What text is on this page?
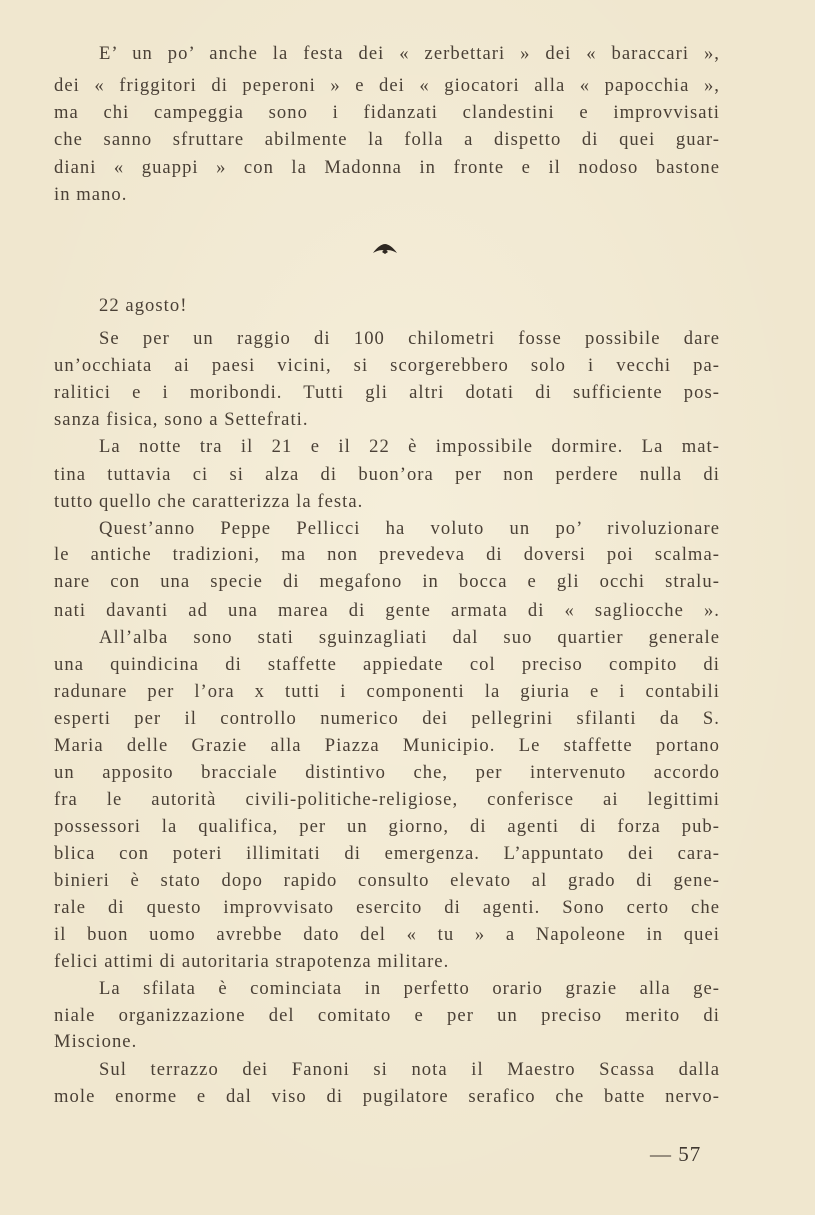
E’ un po’ anche la festa dei « zerbettari » dei « baraccari »,
dei « friggitori di peperoni » e dei « giocatori alla « papocchia »,
ma chi campeggia sono i fidanzati clandestini e improvvisati
che sanno sfruttare abilmente la folla a dispetto di quei guar-
diani « guappi » con la Madonna in fronte e il nodoso bastone
in mano.
22 agosto!
Se per un raggio di 100 chilometri fosse possibile dare
un’occhiata ai paesi vicini, si scorgerebbero solo i vecchi pa-
ralitici e i moribondi. Tutti gli altri dotati di sufficiente pos-
sanza fisica, sono a Settefrati.
La notte tra il 21 e il 22 è impossibile dormire. La mat-
tina tuttavia ci si alza di buon’ora per non perdere nulla di
tutto quello che caratterizza la festa.
Quest’anno Peppe Pellicci ha voluto un po’ rivoluzionare
le antiche tradizioni, ma non prevedeva di doversi poi scalma-
nare con una specie di megafono in bocca e gli occhi stralu-
nati davanti ad una marea di gente armata di « sagliocche ».
All’alba sono stati sguinzagliati dal suo quartier generale
una quindicina di staffette appiedate col preciso compito di
radunare per l’ora x tutti i componenti la giuria e i contabili
esperti per il controllo numerico dei pellegrini sfilanti da S.
Maria delle Grazie alla Piazza Municipio. Le staffette portano
un apposito bracciale distintivo che, per intervenuto accordo
fra le autorità civili-politiche-religiose, conferisce ai legittimi
possessori la qualifica, per un giorno, di agenti di forza pub-
blica con poteri illimitati di emergenza. L’appuntato dei cara-
binieri è stato dopo rapido consulto elevato al grado di gene-
rale di questo improvvisato esercito di agenti. Sono certo che
il buon uomo avrebbe dato del « tu » a Napoleone in quei
felici attimi di autoritaria strapotenza militare.
La sfilata è cominciata in perfetto orario grazie alla ge-
niale organizzazione del comitato e per un preciso merito di
Miscione.
Sul terrazzo dei Fanoni si nota il Maestro Scassa dalla
mole enorme e dal viso di pugilatore serafico che batte nervo-
— 57
